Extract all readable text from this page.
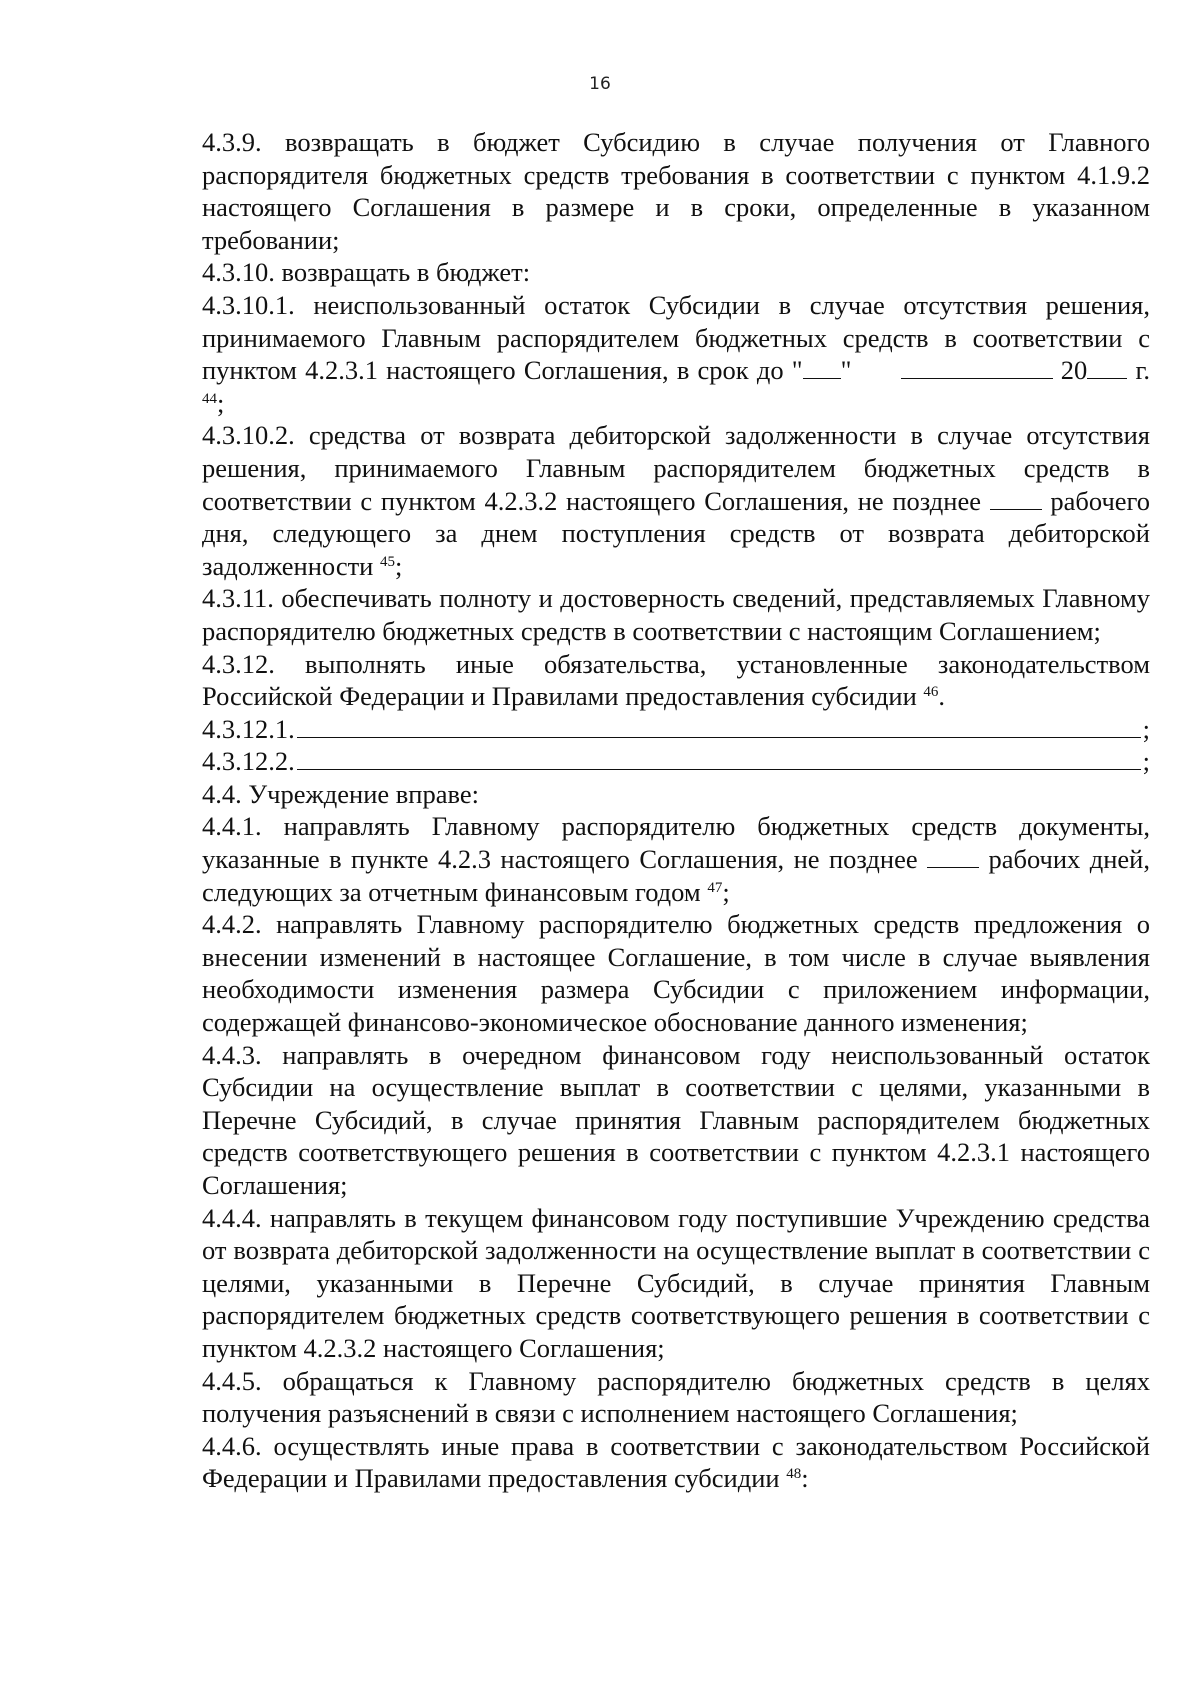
16

4.3.9. возвращать в бюджет Субсидию в случае получения от Главного распорядителя бюджетных средств требования в соответствии с пунктом 4.1.9.2 настоящего Соглашения в размере и в сроки, определенные в указанном требовании;

4.3.10. возвращать в бюджет:

4.3.10.1. неиспользованный остаток Субсидии в случае отсутствия решения, принимаемого Главным распорядителем бюджетных средств в соответствии с пунктом 4.2.3.1 настоящего Соглашения, в срок до " "	20 г. $^{44}$;

4.3.10.2. средства от возврата дебиторской задолженности в случае отсутствия решения, принимаемого Главным распорядителем бюджетных средств в соответствии с пунктом 4.2.3.2 настоящего Соглашения, не позднее  рабочего дня, следующего за днем поступления средств от возврата дебиторской задолженности $^{45}$;

4.3.11. обеспечивать полноту и достоверность сведений, представляемых Главному распорядителю бюджетных средств в соответствии с настоящим Соглашением;

4.3.12. выполнять иные обязательства, установленные законодательством Российской Федерации и Правилами предоставления субсидии $^{46}$.

4.3.12.1.	;

4.3.12.2.	;

4.4. Учреждение вправе:

4.4.1. направлять Главному распорядителю бюджетных средств документы, указанные в пункте 4.2.3 настоящего Соглашения, не позднее  рабочих дней, следующих за отчетным финансовым годом $^{47}$;

4.4.2. направлять Главному распорядителю бюджетных средств предложения о внесении изменений в настоящее Соглашение, в том числе в случае выявления необходимости изменения размера Субсидии с приложением информации, содержащей финансово-экономическое обоснование данного изменения;

4.4.3. направлять в очередном финансовом году неиспользованный остаток Субсидии на осуществление выплат в соответствии с целями, указанными в Перечне Субсидий, в случае принятия Главным распорядителем бюджетных средств соответствующего решения в соответствии с пунктом 4.2.3.1 настоящего Соглашения;

4.4.4. направлять в текущем финансовом году поступившие Учреждению средства от возврата дебиторской задолженности на осуществление выплат в соответствии с целями, указанными в Перечне Субсидий, в случае принятия Главным распорядителем бюджетных средств соответствующего решения в соответствии с пунктом 4.2.3.2 настоящего Соглашения;

4.4.5. обращаться к Главному распорядителю бюджетных средств в целях получения разъяснений в связи с исполнением настоящего Соглашения;

4.4.6. осуществлять иные права в соответствии с законодательством Российской Федерации и Правилами предоставления субсидии $^{48}$:
